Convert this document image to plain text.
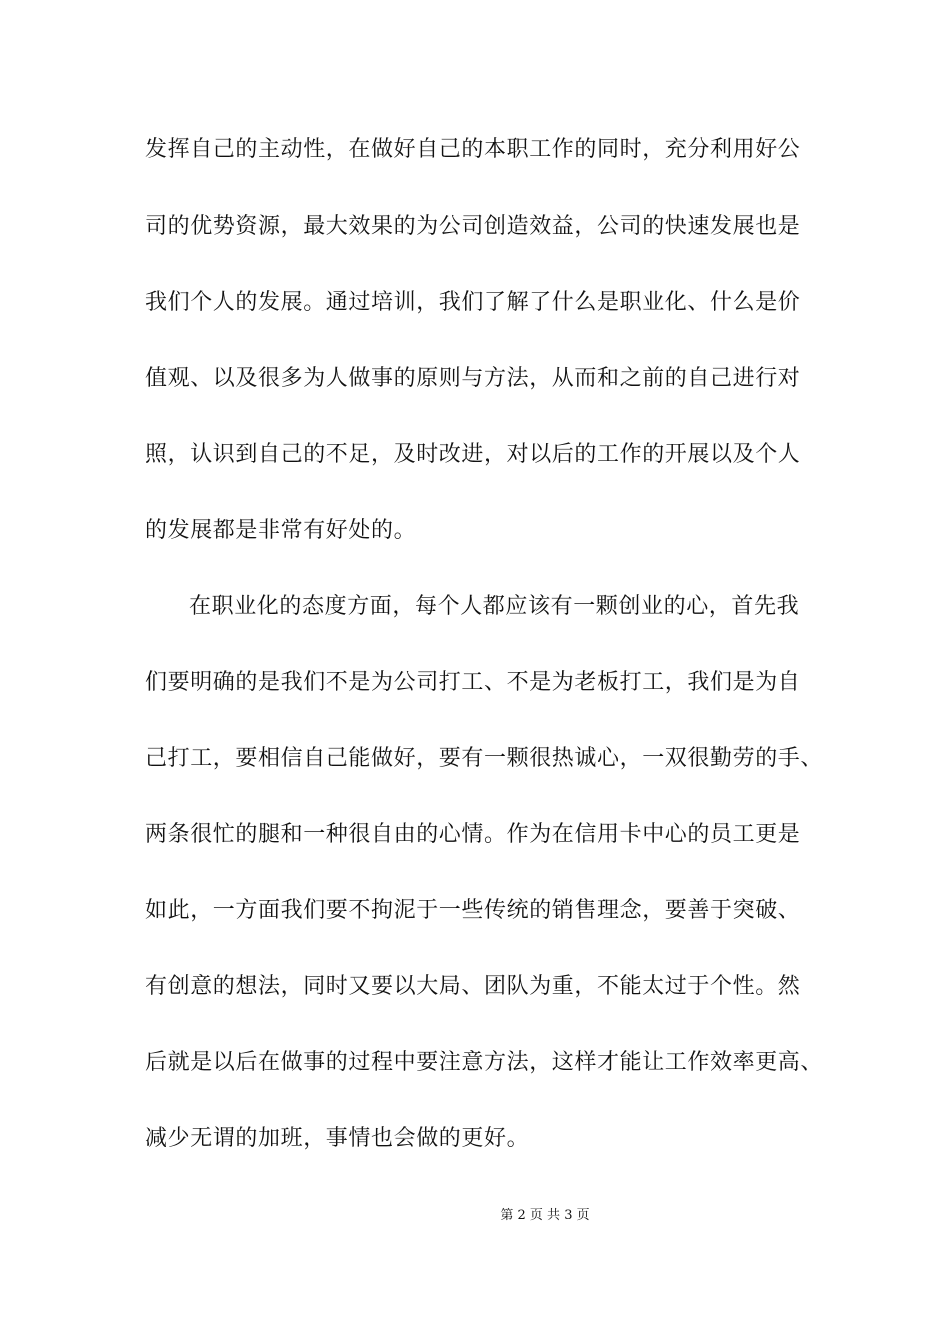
发挥自己的主动性，在做好自己的本职工作的同时，充分利用好公
司的优势资源，最大效果的为公司创造效益，公司的快速发展也是
我们个人的发展。通过培训，我们了解了什么是职业化、什么是价
值观、以及很多为人做事的原则与方法，从而和之前的自己进行对
照，认识到自己的不足，及时改进，对以后的工作的开展以及个人
的发展都是非常有好处的。
在职业化的态度方面，每个人都应该有一颗创业的心，首先我
们要明确的是我们不是为公司打工、不是为老板打工，我们是为自
己打工，要相信自己能做好，要有一颗很热诚心，一双很勤劳的手、
两条很忙的腿和一种很自由的心情。作为在信用卡中心的员工更是
如此，一方面我们要不拘泥于一些传统的销售理念，要善于突破、
有创意的想法，同时又要以大局、团队为重，不能太过于个性。然
后就是以后在做事的过程中要注意方法，这样才能让工作效率更高、
减少无谓的加班，事情也会做的更好。
第 2 页 共 3 页
